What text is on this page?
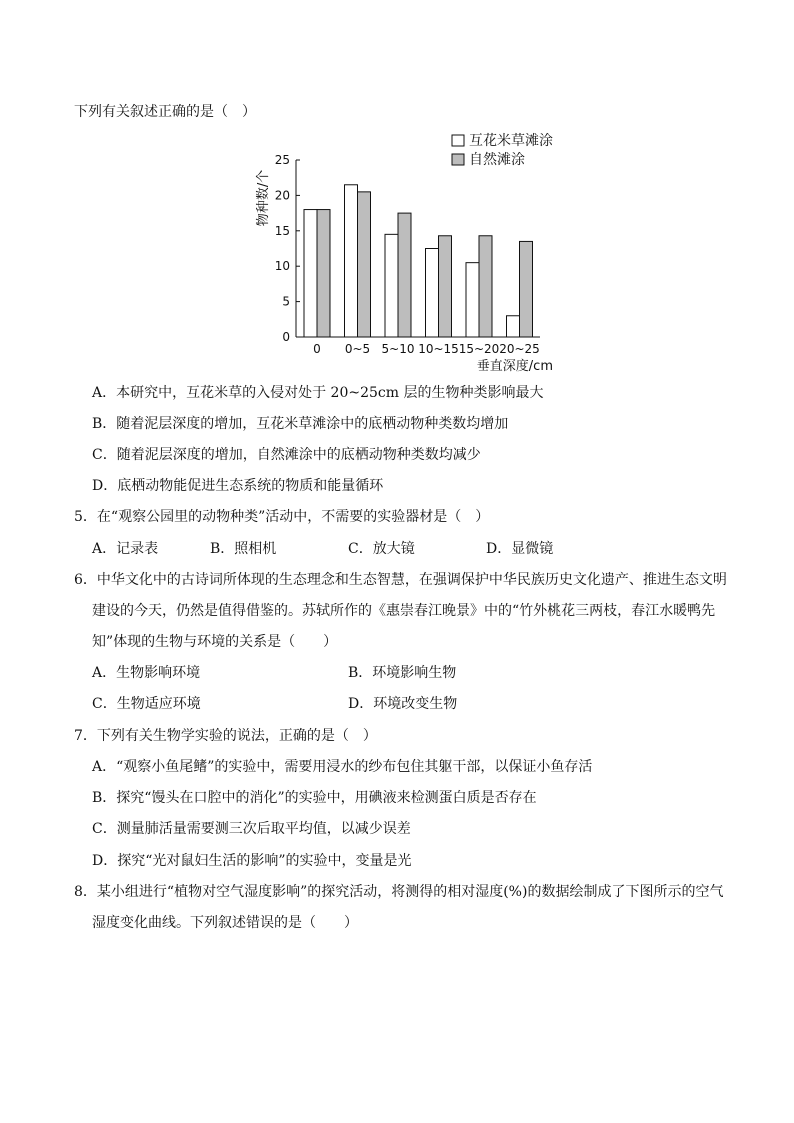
下列有关叙述正确的是（　）
互花米草滩涂
自然滩涂
物种数/个
0
5
10
15
20
25
0 0~5 5~10 10~15 15~20 20~25
垂直深度/cm
A．本研究中，互花米草的入侵对处于 20~25cm 层的生物种类影响最大
B．随着泥层深度的增加，互花米草滩涂中的底栖动物种类数均增加
C．随着泥层深度的增加，自然滩涂中的底栖动物种类数均减少
D．底栖动物能促进生态系统的物质和能量循环
5．在“观察公园里的动物种类”活动中，不需要的实验器材是（　）
A．记录表	B．照相机	C．放大镜	D．显微镜
6．中华文化中的古诗词所体现的生态理念和生态智慧，在强调保护中华民族历史文化遗产、推进生态文明
建设的今天，仍然是值得借鉴的。苏轼所作的《惠崇春江晚景》中的“竹外桃花三两枝，春江水暖鸭先
知”体现的生物与环境的关系是（　　）
A．生物影响环境	B．环境影响生物
C．生物适应环境	D．环境改变生物
7．下列有关生物学实验的说法，正确的是（　）
A．“观察小鱼尾鳍”的实验中，需要用浸水的纱布包住其躯干部，以保证小鱼存活
B．探究“馒头在口腔中的消化”的实验中，用碘液来检测蛋白质是否存在
C．测量肺活量需要测三次后取平均值，以减少误差
D．探究“光对鼠妇生活的影响”的实验中，变量是光
8．某小组进行“植物对空气湿度影响”的探究活动，将测得的相对湿度(%)的数据绘制成了下图所示的空气
湿度变化曲线。下列叙述错误的是（　　）
